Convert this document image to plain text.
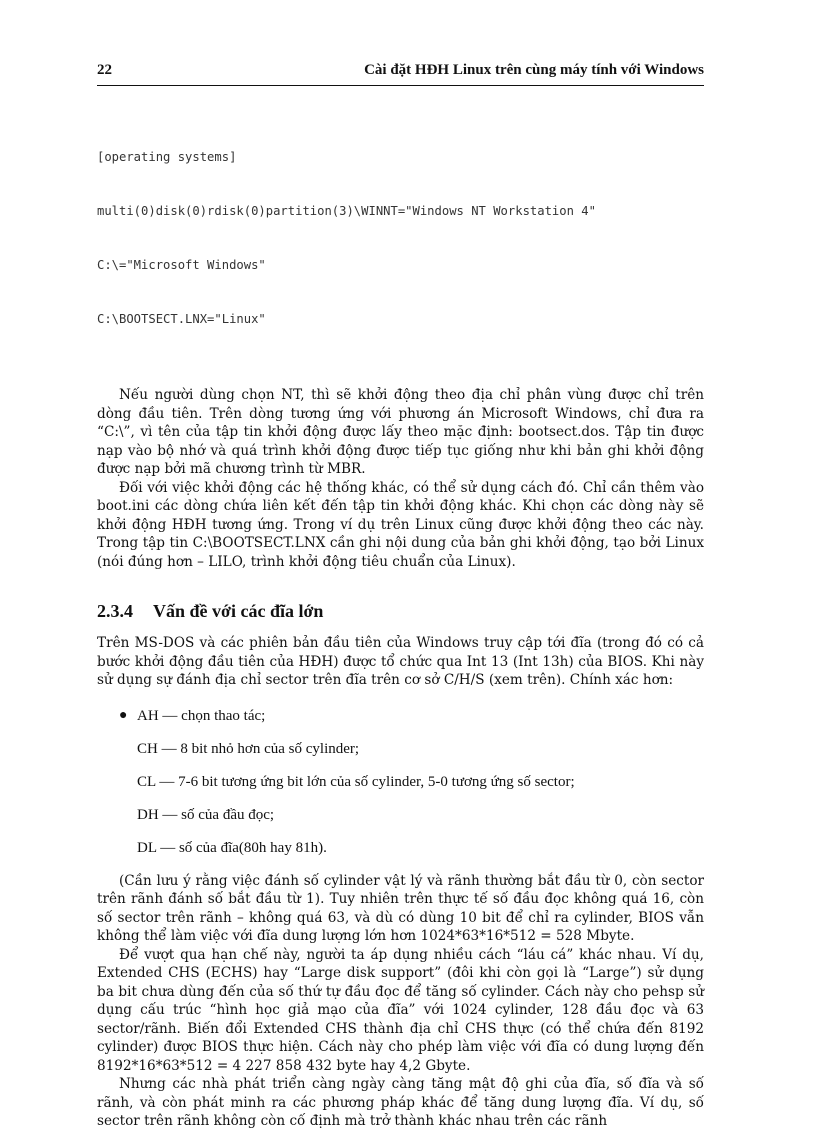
22	Cài đặt HĐH Linux trên cùng máy tính với Windows

[operating systems]

multi(0)disk(0)rdisk(0)partition(3)\WINNT="Windows NT Workstation 4"

C:\="Microsoft Windows"

C:\BOOTSECT.LNX="Linux"

Nếu người dùng chọn NT, thì sẽ khởi động theo địa chỉ phân vùng được chỉ trên dòng đầu tiên. Trên dòng tương ứng với phương án Microsoft Windows, chỉ đưa ra “C:\”, vì tên của tập tin khởi động được lấy theo mặc định: bootsect.dos. Tập tin được nạp vào bộ nhớ và quá trình khởi động được tiếp tục giống như khi bản ghi khởi động được nạp bởi mã chương trình từ MBR.

Đối với việc khởi động các hệ thống khác, có thể sử dụng cách đó. Chỉ cần thêm vào boot.ini các dòng chứa liên kết đến tập tin khởi động khác. Khi chọn các dòng này sẽ khởi động HĐH tương ứng. Trong ví dụ trên Linux cũng được khởi động theo các này. Trong tập tin C:\BOOTSECT.LNX cần ghi nội dung của bản ghi khởi động, tạo bởi Linux (nói đúng hơn – LILO, trình khởi động tiêu chuẩn của Linux).

2.3.4 Vấn đề với các đĩa lớn

Trên MS-DOS và các phiên bản đầu tiên của Windows truy cập tới đĩa (trong đó có cả bước khởi động đầu tiên của HĐH) được tổ chức qua Int 13 (Int 13h) của BIOS. Khi này sử dụng sự đánh địa chỉ sector trên đĩa trên cơ sở C/H/S (xem trên). Chính xác hơn:

● AH — chọn thao tác;
CH — 8 bit nhỏ hơn của số cylinder;
CL — 7-6 bit tương ứng bit lớn của số cylinder, 5-0 tương ứng số sector;
DH — số của đầu đọc;
DL — số của đĩa(80h hay 81h).

(Cần lưu ý rằng việc đánh số cylinder vật lý và rãnh thường bắt đầu từ 0, còn sector trên rãnh đánh số bắt đầu từ 1). Tuy nhiên trên thực tế số đầu đọc không quá 16, còn số sector trên rãnh – không quá 63, và dù có dùng 10 bit để chỉ ra cylinder, BIOS vẫn không thể làm việc với đĩa dung lượng lớn hơn 1024*63*16*512 = 528 Mbyte.

Để vượt qua hạn chế này, người ta áp dụng nhiều cách “láu cá” khác nhau. Ví dụ, Extended CHS (ECHS) hay “Large disk support” (đôi khi còn gọi là “Large”) sử dụng ba bit chưa dùng đến của số thứ tự đầu đọc để tăng số cylinder. Cách này cho pehsp sử dụng cấu trúc “hình học giả mạo của đĩa” với 1024 cylinder, 128 đầu đọc và 63 sector/rãnh. Biến đổi Extended CHS thành địa chỉ CHS thực (có thể chứa đến 8192 cylinder) được BIOS thực hiện. Cách này cho phép làm việc với đĩa có dung lượng đến 8192*16*63*512 = 4 227 858 432 byte hay 4,2 Gbyte.

Nhưng các nhà phát triển càng ngày càng tăng mật độ ghi của đĩa, số đĩa và số rãnh, và còn phát minh ra các phương pháp khác để tăng dung lượng đĩa. Ví dụ, số sector trên rãnh không còn cố định mà trở thành khác nhau trên các rãnh
